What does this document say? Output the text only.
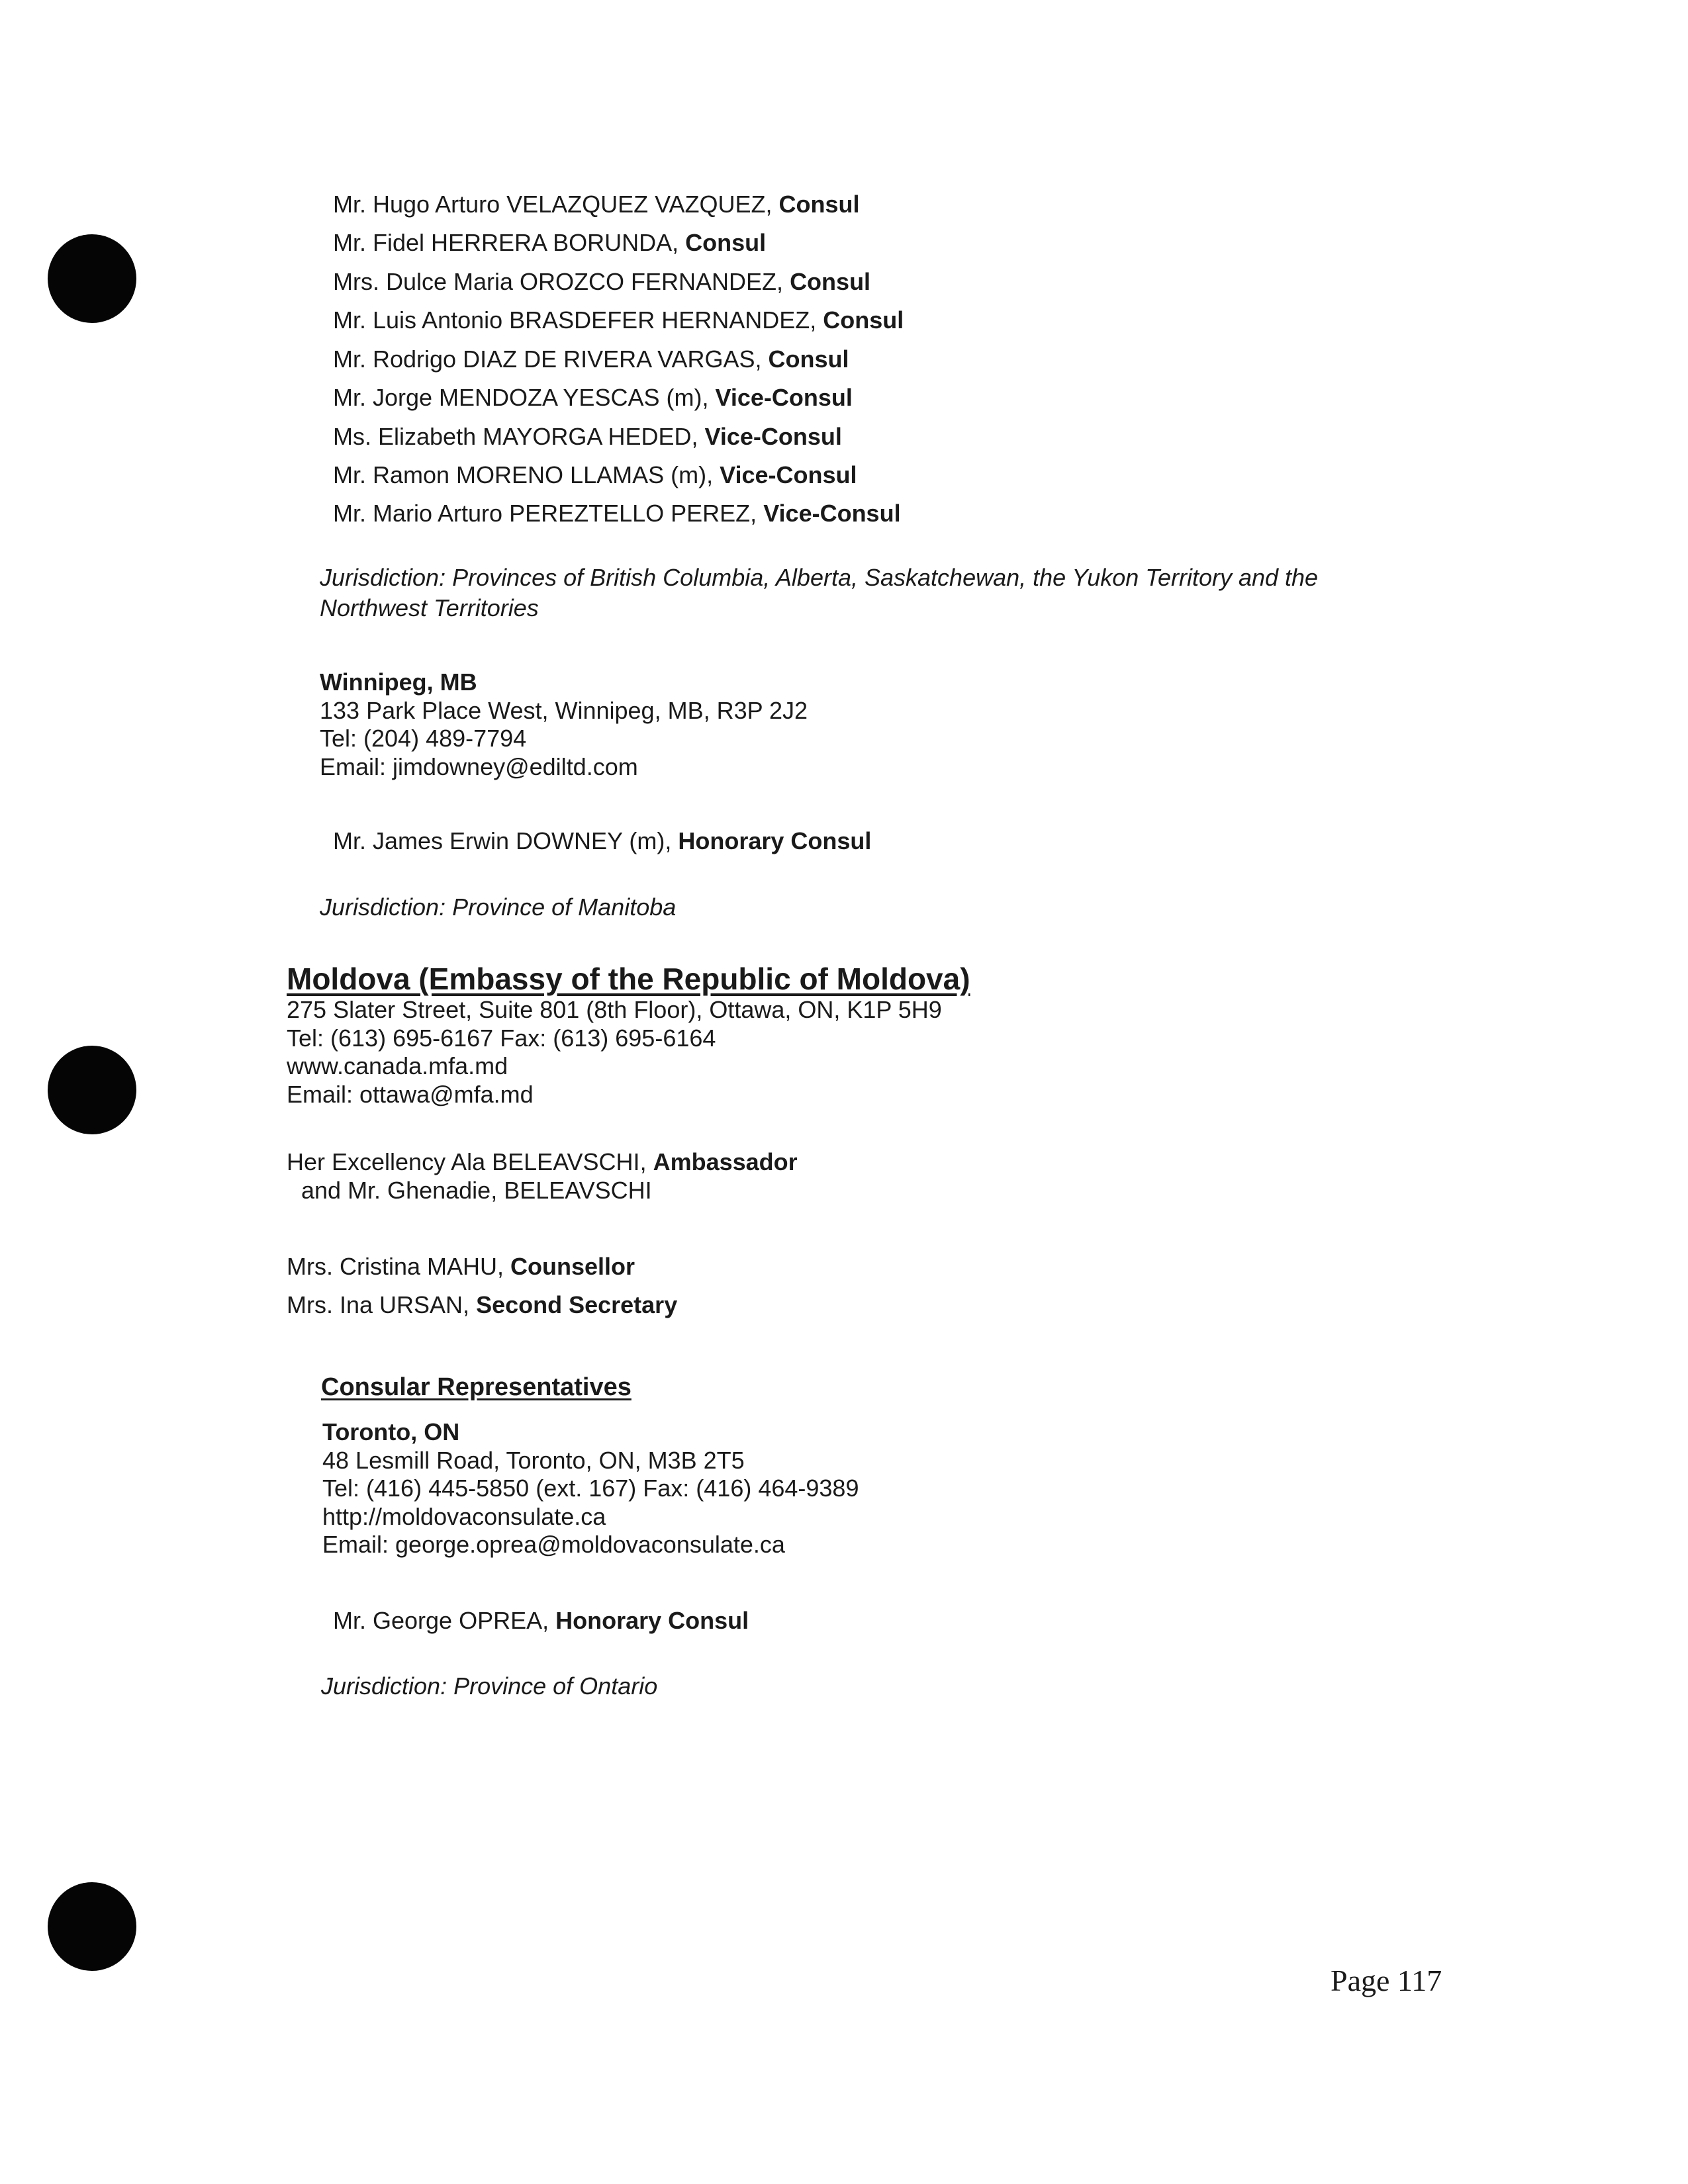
Mr. Hugo Arturo VELAZQUEZ VAZQUEZ, Consul
Mr. Fidel HERRERA BORUNDA, Consul
Mrs. Dulce Maria OROZCO FERNANDEZ, Consul
Mr. Luis Antonio BRASDEFER HERNANDEZ, Consul
Mr. Rodrigo DIAZ DE RIVERA VARGAS, Consul
Mr. Jorge MENDOZA YESCAS (m), Vice-Consul
Ms. Elizabeth MAYORGA HEDED, Vice-Consul
Mr. Ramon MORENO LLAMAS (m), Vice-Consul
Mr. Mario Arturo PEREZTELLO PEREZ, Vice-Consul
Jurisdiction: Provinces of British Columbia, Alberta, Saskatchewan, the Yukon Territory and the
Northwest Territories
Winnipeg, MB
133 Park Place West, Winnipeg, MB, R3P 2J2
Tel: (204) 489-7794
Email: jimdowney@ediltd.com
Mr. James Erwin DOWNEY (m), Honorary Consul
Jurisdiction: Province of Manitoba
Moldova (Embassy of the Republic of Moldova)
275 Slater Street, Suite 801 (8th Floor), Ottawa, ON, K1P 5H9
Tel: (613) 695-6167 Fax: (613) 695-6164
www.canada.mfa.md
Email: ottawa@mfa.md
Her Excellency Ala BELEAVSCHI, Ambassador
and Mr. Ghenadie, BELEAVSCHI
Mrs. Cristina MAHU, Counsellor
Mrs. Ina URSAN, Second Secretary
Consular Representatives
Toronto, ON
48 Lesmill Road, Toronto, ON, M3B 2T5
Tel: (416) 445-5850 (ext. 167) Fax: (416) 464-9389
http://moldovaconsulate.ca
Email: george.oprea@moldovaconsulate.ca
Mr. George OPREA, Honorary Consul
Jurisdiction: Province of Ontario
Page 117
